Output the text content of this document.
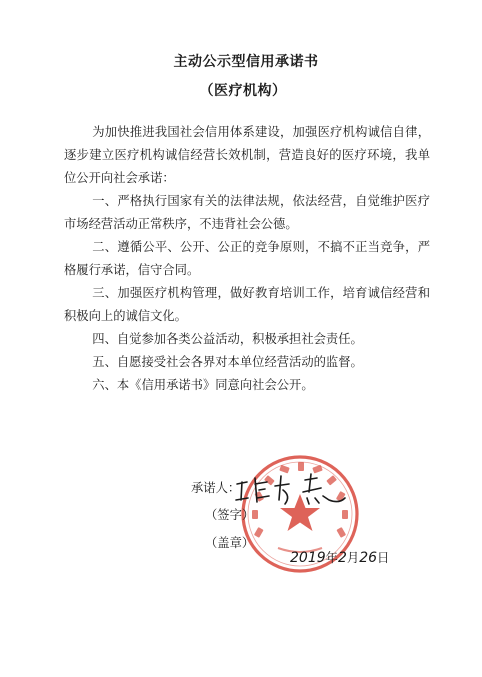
主动公示型信用承诺书
（医疗机构）

为加快推进我国社会信用体系建设，加强医疗机构诚信自律，逐步建立医疗机构诚信经营长效机制，营造良好的医疗环境，我单位公开向社会承诺：

一、严格执行国家有关的法律法规，依法经营，自觉维护医疗市场经营活动正常秩序，不违背社会公德。

二、遵循公平、公开、公正的竞争原则，不搞不正当竞争，严格履行承诺，信守合同。

三、加强医疗机构管理，做好教育培训工作，培育诚信经营和积极向上的诚信文化。

四、自觉参加各类公益活动，积极承担社会责任。

五、自愿接受社会各界对本单位经营活动的监督。

六、本《信用承诺书》同意向社会公开。

承诺人：
（签字）
（盖章）
2019年2月26日
